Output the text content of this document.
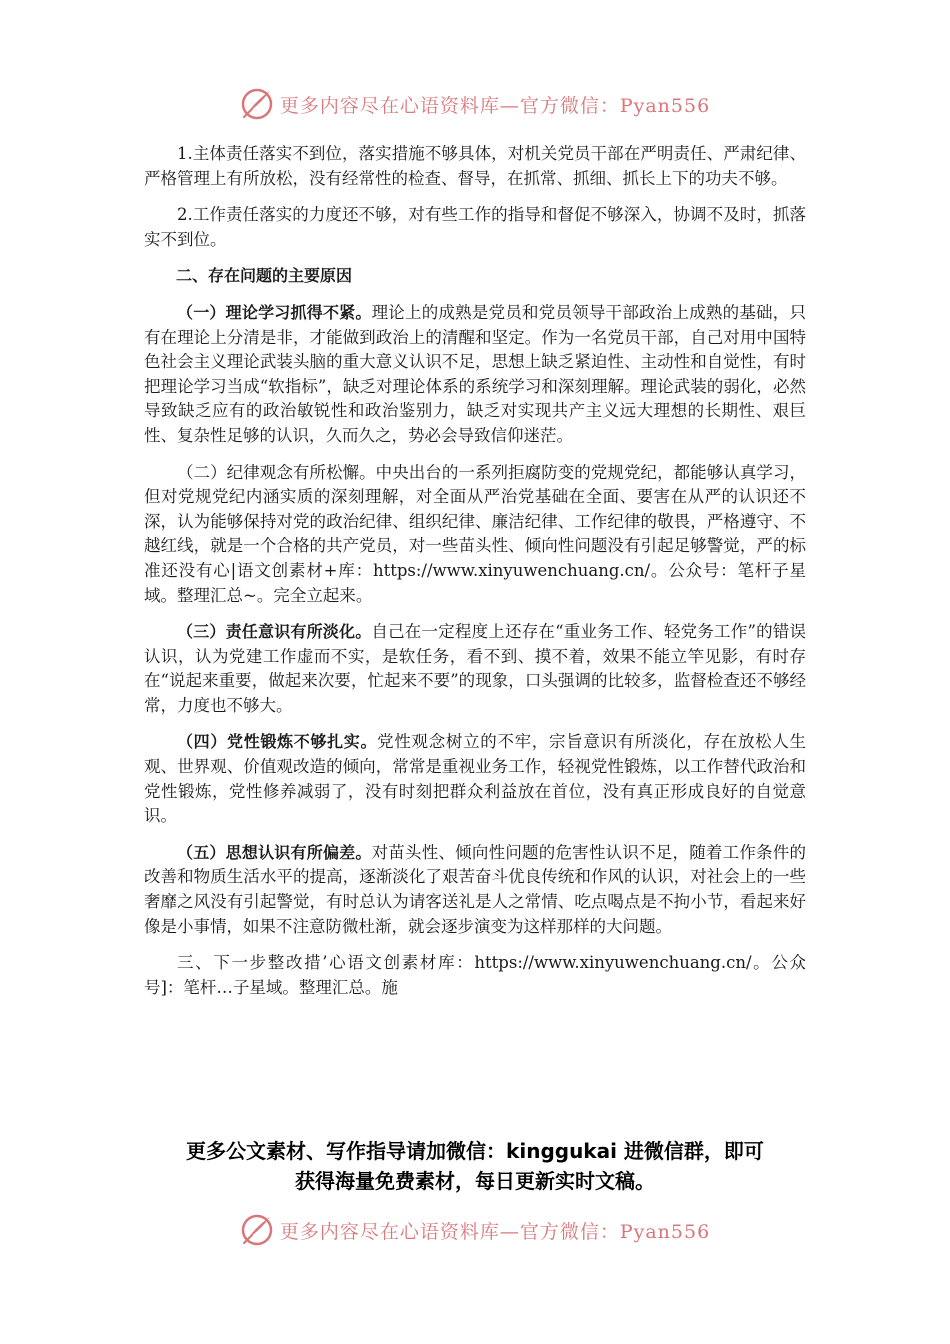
更多内容尽在心语资料库—官方微信：Pyan556

1.主体责任落实不到位，落实措施不够具体，对机关党员干部在严明责任、严肃纪律、严格管理上有所放松，没有经常性的检查、督导，在抓常、抓细、抓长上下的功夫不够。

2.工作责任落实的力度还不够，对有些工作的指导和督促不够深入，协调不及时，抓落实不到位。

二、存在问题的主要原因

（一）理论学习抓得不紧。理论上的成熟是党员和党员领导干部政治上成熟的基础，只有在理论上分清是非，才能做到政治上的清醒和坚定。作为一名党员干部，自己对用中国特色社会主义理论武装头脑的重大意义认识不足，思想上缺乏紧迫性、主动性和自觉性，有时把理论学习当成“软指标”，缺乏对理论体系的系统学习和深刻理解。理论武装的弱化，必然导致缺乏应有的政治敏锐性和政治鉴别力，缺乏对实现共产主义远大理想的长期性、艰巨性、复杂性足够的认识，久而久之，势必会导致信仰迷茫。

（二）纪律观念有所松懈。中央出台的一系列拒腐防变的党规党纪，都能够认真学习，但对党规党纪内涵实质的深刻理解，对全面从严治党基础在全面、要害在从严的认识还不深，认为能够保持对党的政治纪律、组织纪律、廉洁纪律、工作纪律的敬畏，严格遵守、不越红线，就是一个合格的共产党员，对一些苗头性、倾向性问题没有引起足够警觉，严的标准还没有心|语文创素材+库：https://www.xinyuwenchuang.cn/。公众号：笔杆子星域。整理汇总~。完全立起来。

（三）责任意识有所淡化。自己在一定程度上还存在“重业务工作、轻党务工作”的错误认识，认为党建工作虚而不实，是软任务，看不到、摸不着，效果不能立竿见影，有时存在“说起来重要，做起来次要，忙起来不要”的现象，口头强调的比较多，监督检查还不够经常，力度也不够大。

（四）党性锻炼不够扎实。党性观念树立的不牢，宗旨意识有所淡化，存在放松人生观、世界观、价值观改造的倾向，常常是重视业务工作，轻视党性锻炼，以工作替代政治和党性锻炼，党性修养减弱了，没有时刻把群众利益放在首位，没有真正形成良好的自觉意识。

（五）思想认识有所偏差。对苗头性、倾向性问题的危害性认识不足，随着工作条件的改善和物质生活水平的提高，逐渐淡化了艰苦奋斗优良传统和作风的认识，对社会上的一些奢靡之风没有引起警觉，有时总认为请客送礼是人之常情、吃点喝点是不拘小节，看起来好像是小事情，如果不注意防微杜渐，就会逐步演变为这样那样的大问题。

三、下一步整改措’心语文创素材库：https://www.xinyuwenchuang.cn/。公众号]：笔杆…子星域。整理汇总。施

更多公文素材、写作指导请加微信：kinggukai 进微信群，即可
获得海量免费素材，每日更新实时文稿。
更多内容尽在心语资料库—官方微信：Pyan556
